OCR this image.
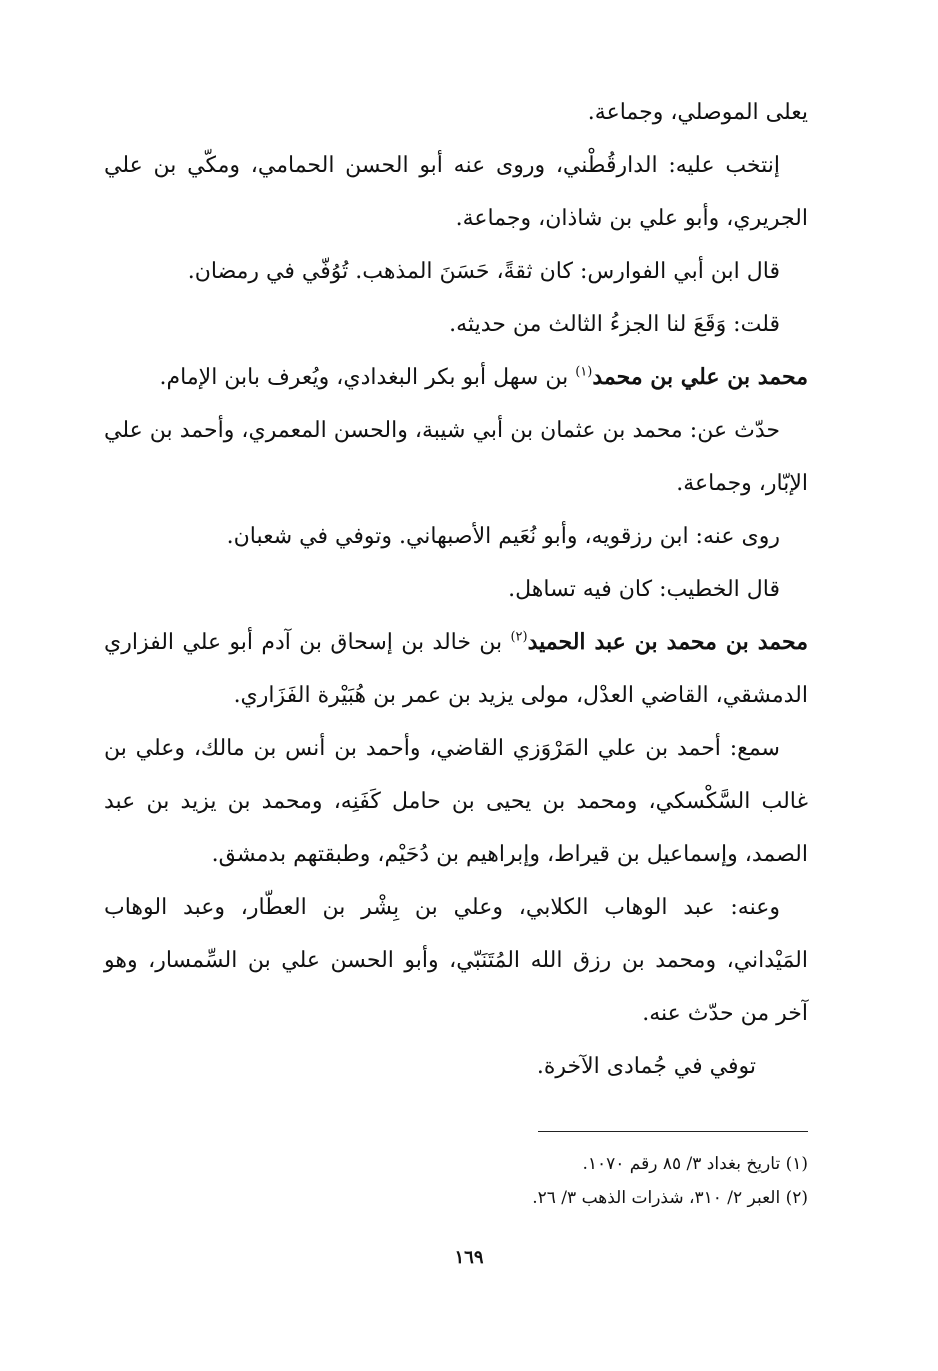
يعلى الموصلي، وجماعة.

إنتخب عليه: الدارقُطْني، وروى عنه أبو الحسن الحمامي، ومكّي بن علي الجريري، وأبو علي بن شاذان، وجماعة.

قال ابن أبي الفوارس: كان ثقةً، حَسَنَ المذهب. تُوُفّي في رمضان.

قلت: وَقَعَ لنا الجزءُ الثالث من حديثه.

محمد بن علي بن محمد$^{(١)}$ بن سهل أبو بكر البغدادي، ويُعرف بابن الإمام.

حدّث عن: محمد بن عثمان بن أبي شيبة، والحسن المعمري، وأحمد بن علي الإبّار، وجماعة.

روى عنه: ابن رزقويه، وأبو نُعَيم الأصبهاني. وتوفي في شعبان.

قال الخطيب: كان فيه تساهل.

محمد بن محمد بن عبد الحميد$^{(٢)}$ بن خالد بن إسحاق بن آدم أبو علي الفزاري الدمشقي، القاضي العدْل، مولى يزيد بن عمر بن هُبَيْرة الفَزَاري.

سمع: أحمد بن علي المَرْوَزي القاضي، وأحمد بن أنس بن مالك، وعلي بن غالب السَّكْسكي، ومحمد بن يحيى بن حامل كَفَنِه، ومحمد بن يزيد بن عبد الصمد، وإسماعيل بن قيراط، وإبراهيم بن دُحَيْم، وطبقتهم بدمشق.

وعنه: عبد الوهاب الكلابي، وعلي بن بِشْر بن العطّار، وعبد الوهاب المَيْداني، ومحمد بن رزق الله المُتَنَبّي، وأبو الحسن علي بن السِّمسار، وهو آخر من حدّث عنه.

توفي في جُمادى الآخرة.

(١) تاريخ بغداد ٣/ ٨٥ رقم ١٠٧٠.

(٢) العبر ٢/ ٣١٠، شذرات الذهب ٣/ ٢٦.

١٦٩
